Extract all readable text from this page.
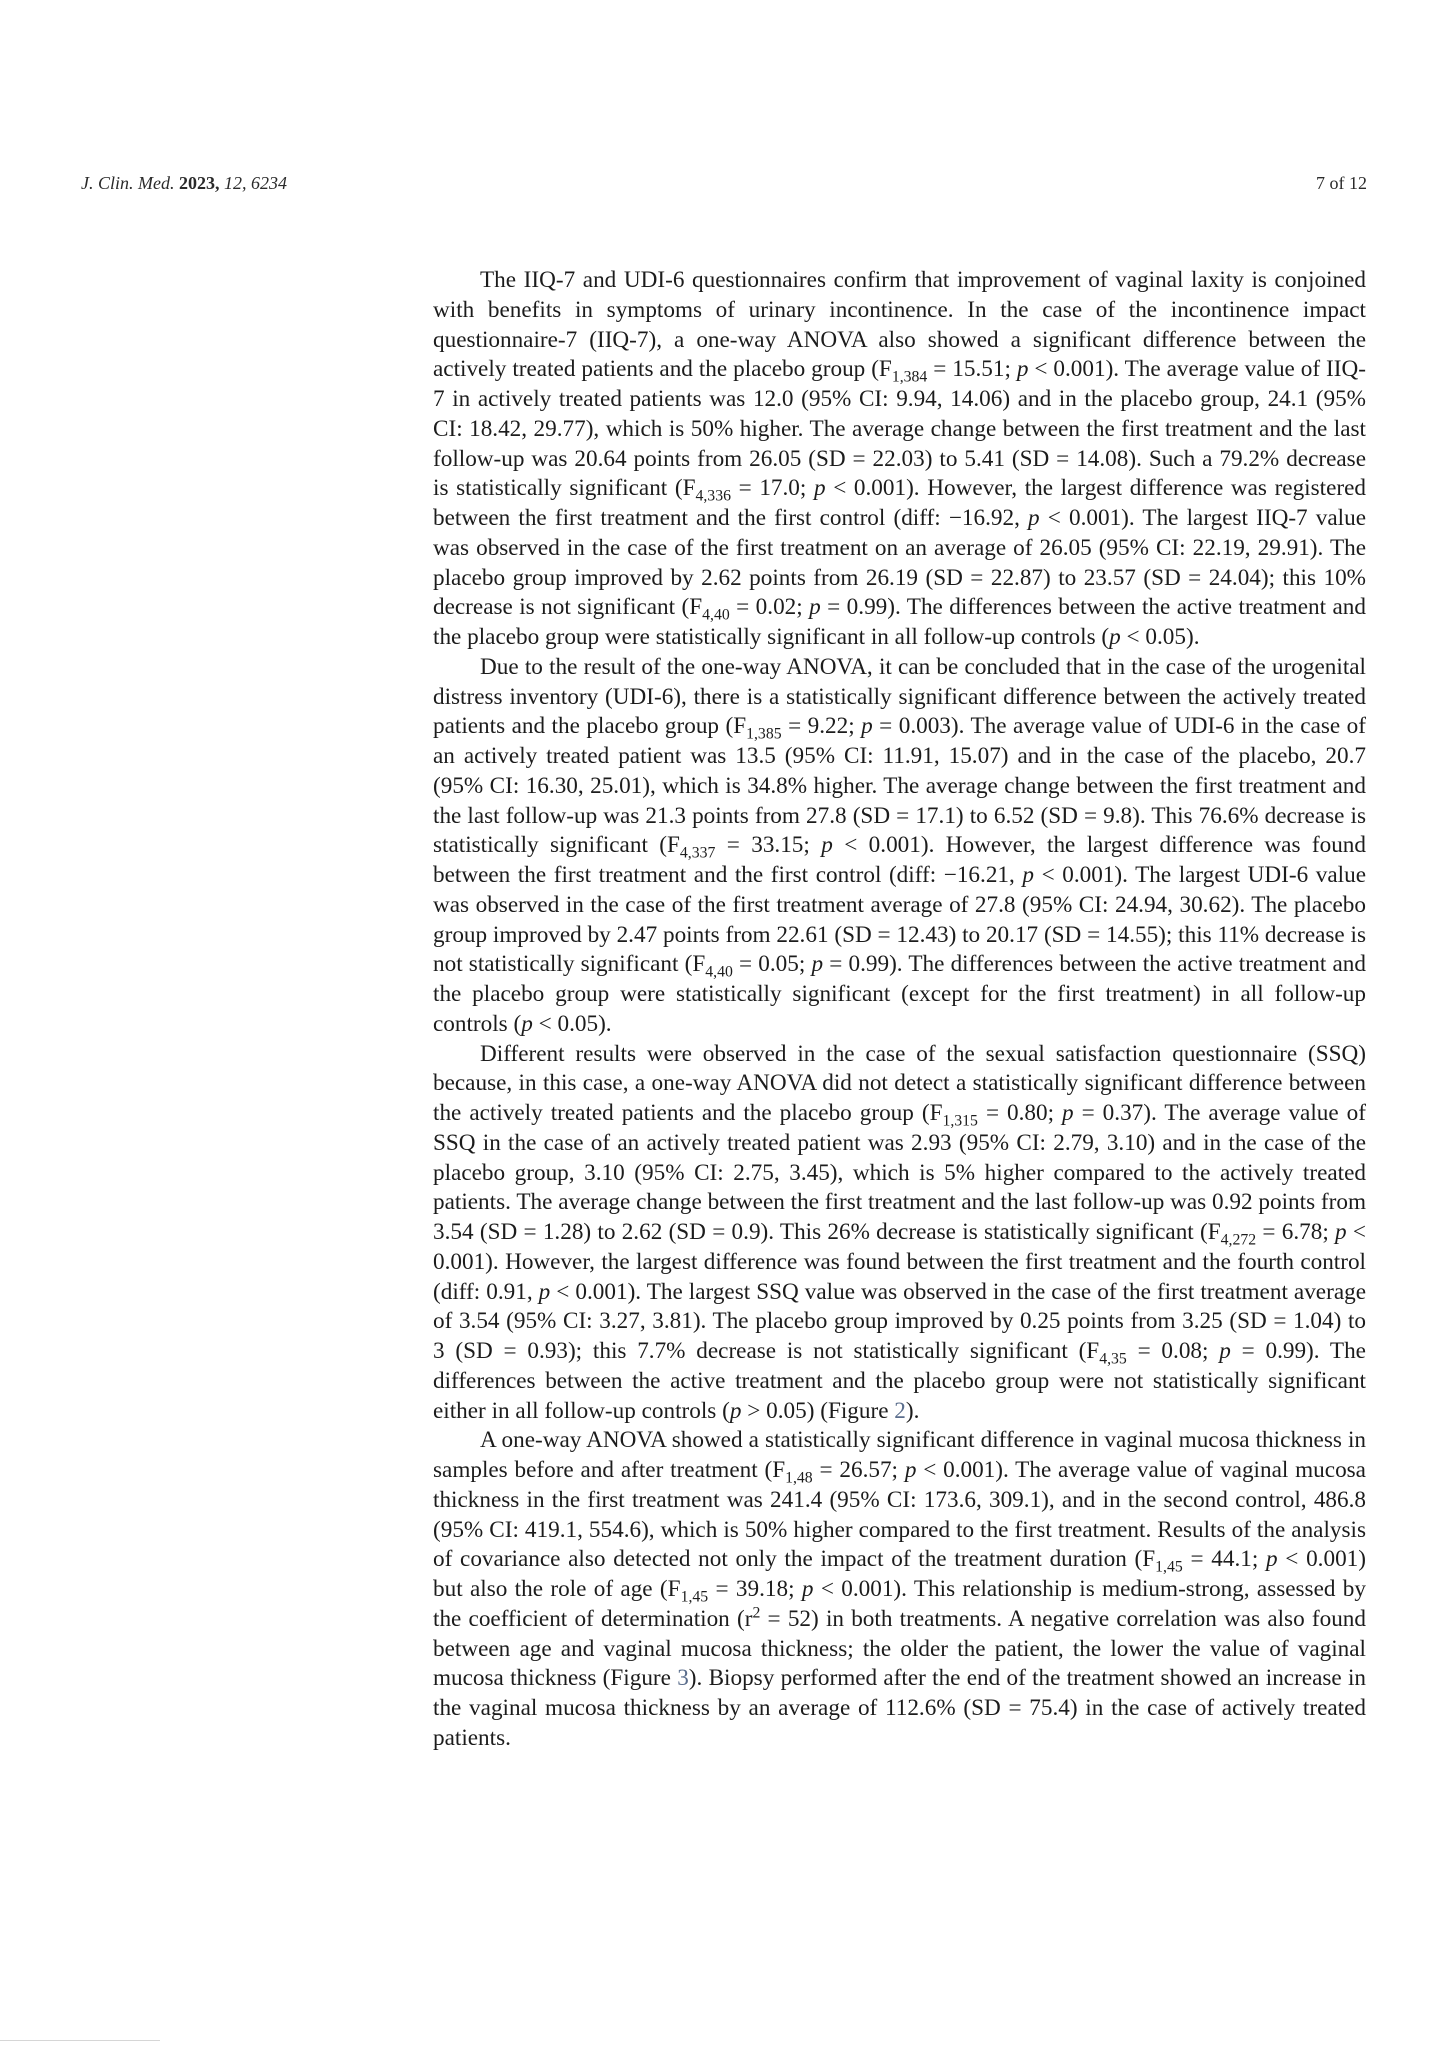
J. Clin. Med. 2023, 12, 6234	7 of 12

The IIQ-7 and UDI-6 questionnaires confirm that improvement of vaginal laxity is conjoined with benefits in symptoms of urinary incontinence. In the case of the incontinence impact questionnaire-7 (IIQ-7), a one-way ANOVA also showed a significant difference between the actively treated patients and the placebo group ($F_{1,384} = 15.51$; p < 0.001). The average value of IIQ-7 in actively treated patients was 12.0 (95% CI: 9.94, 14.06) and in the placebo group, 24.1 (95% CI: 18.42, 29.77), which is 50% higher. The average change between the first treatment and the last follow-up was 20.64 points from 26.05 (SD = 22.03) to 5.41 (SD = 14.08). Such a 79.2% decrease is statistically significant ($F_{4,336} = 17.0$; p < 0.001). However, the largest difference was registered between the first treatment and the first control (diff: −16.92, p < 0.001). The largest IIQ-7 value was observed in the case of the first treatment on an average of 26.05 (95% CI: 22.19, 29.91). The placebo group improved by 2.62 points from 26.19 (SD = 22.87) to 23.57 (SD = 24.04); this 10% decrease is not significant ($F_{4,40} = 0.02$; p = 0.99). The differences between the active treatment and the placebo group were statistically significant in all follow-up controls (p < 0.05).

Due to the result of the one-way ANOVA, it can be concluded that in the case of the urogenital distress inventory (UDI-6), there is a statistically significant difference between the actively treated patients and the placebo group ($F_{1,385} = 9.22$; p = 0.003). The average value of UDI-6 in the case of an actively treated patient was 13.5 (95% CI: 11.91, 15.07) and in the case of the placebo, 20.7 (95% CI: 16.30, 25.01), which is 34.8% higher. The average change between the first treatment and the last follow-up was 21.3 points from 27.8 (SD = 17.1) to 6.52 (SD = 9.8). This 76.6% decrease is statistically significant ($F_{4,337} = 33.15$; p < 0.001). However, the largest difference was found between the first treatment and the first control (diff: −16.21, p < 0.001). The largest UDI-6 value was observed in the case of the first treatment average of 27.8 (95% CI: 24.94, 30.62). The placebo group improved by 2.47 points from 22.61 (SD = 12.43) to 20.17 (SD = 14.55); this 11% decrease is not statistically significant ($F_{4,40} = 0.05$; p = 0.99). The differences between the active treatment and the placebo group were statistically significant (except for the first treatment) in all follow-up controls (p < 0.05).

Different results were observed in the case of the sexual satisfaction questionnaire (SSQ) because, in this case, a one-way ANOVA did not detect a statistically significant difference between the actively treated patients and the placebo group ($F_{1,315} = 0.80$; p = 0.37). The average value of SSQ in the case of an actively treated patient was 2.93 (95% CI: 2.79, 3.10) and in the case of the placebo group, 3.10 (95% CI: 2.75, 3.45), which is 5% higher compared to the actively treated patients. The average change between the first treatment and the last follow-up was 0.92 points from 3.54 (SD = 1.28) to 2.62 (SD = 0.9). This 26% decrease is statistically significant ($F_{4,272} = 6.78$; p < 0.001). However, the largest difference was found between the first treatment and the fourth control (diff: 0.91, p < 0.001). The largest SSQ value was observed in the case of the first treatment average of 3.54 (95% CI: 3.27, 3.81). The placebo group improved by 0.25 points from 3.25 (SD = 1.04) to 3 (SD = 0.93); this 7.7% decrease is not statistically significant ($F_{4,35} = 0.08$; p = 0.99). The differences between the active treatment and the placebo group were not statistically significant either in all follow-up controls (p > 0.05) (Figure 2).

A one-way ANOVA showed a statistically significant difference in vaginal mucosa thickness in samples before and after treatment ($F_{1,48} = 26.57$; p < 0.001). The average value of vaginal mucosa thickness in the first treatment was 241.4 (95% CI: 173.6, 309.1), and in the second control, 486.8 (95% CI: 419.1, 554.6), which is 50% higher compared to the first treatment. Results of the analysis of covariance also detected not only the impact of the treatment duration ($F_{1,45} = 44.1$; p < 0.001) but also the role of age ($F_{1,45} = 39.18$; p < 0.001). This relationship is medium-strong, assessed by the coefficient of determination $(r^2 = 52)$ in both treatments. A negative correlation was also found between age and vaginal mucosa thickness; the older the patient, the lower the value of vaginal mucosa thickness (Figure 3). Biopsy performed after the end of the treatment showed an increase in the vaginal mucosa thickness by an average of 112.6% (SD = 75.4) in the case of actively treated patients.
